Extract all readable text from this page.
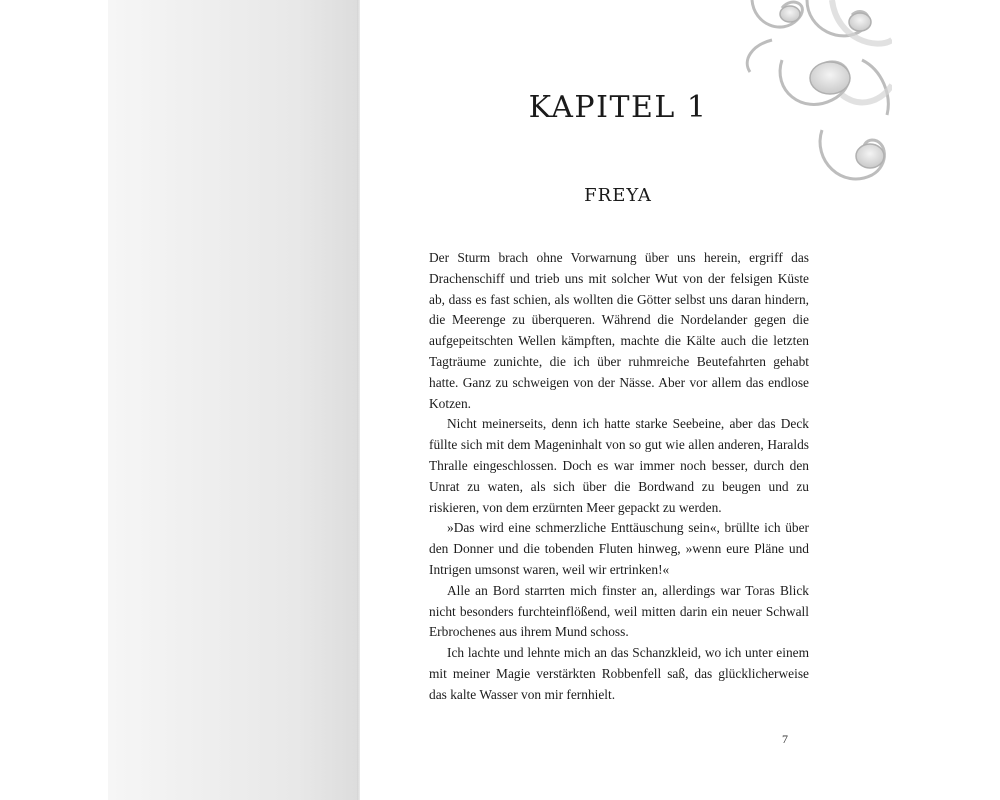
KAPITEL 1
FREYA

Der Sturm brach ohne Vorwarnung über uns herein, ergriff das Drachenschiff und trieb uns mit solcher Wut von der felsigen Küste ab, dass es fast schien, als wollten die Götter selbst uns daran hindern, die Meerenge zu überqueren. Während die Nordelander gegen die aufgepeitschten Wellen kämpften, machte die Kälte auch die letzten Tagträume zunichte, die ich über ruhmreiche Beutefahrten gehabt hatte. Ganz zu schweigen von der Nässe. Aber vor allem das endlose Kotzen.

Nicht meinerseits, denn ich hatte starke Seebeine, aber das Deck füllte sich mit dem Mageninhalt von so gut wie allen anderen, Haralds Thralle eingeschlossen. Doch es war immer noch besser, durch den Unrat zu waten, als sich über die Bordwand zu beugen und zu riskieren, von dem erzürnten Meer gepackt zu werden.

»Das wird eine schmerzliche Enttäuschung sein«, brüllte ich über den Donner und die tobenden Fluten hinweg, »wenn eure Pläne und Intrigen umsonst waren, weil wir ertrinken!«

Alle an Bord starrten mich finster an, allerdings war Toras Blick nicht besonders furchteinflößend, weil mitten darin ein neuer Schwall Erbrochenes aus ihrem Mund schoss.

Ich lachte und lehnte mich an das Schanzkleid, wo ich unter einem mit meiner Magie verstärkten Robbenfell saß, das glücklicherweise das kalte Wasser von mir fernhielt.

7
